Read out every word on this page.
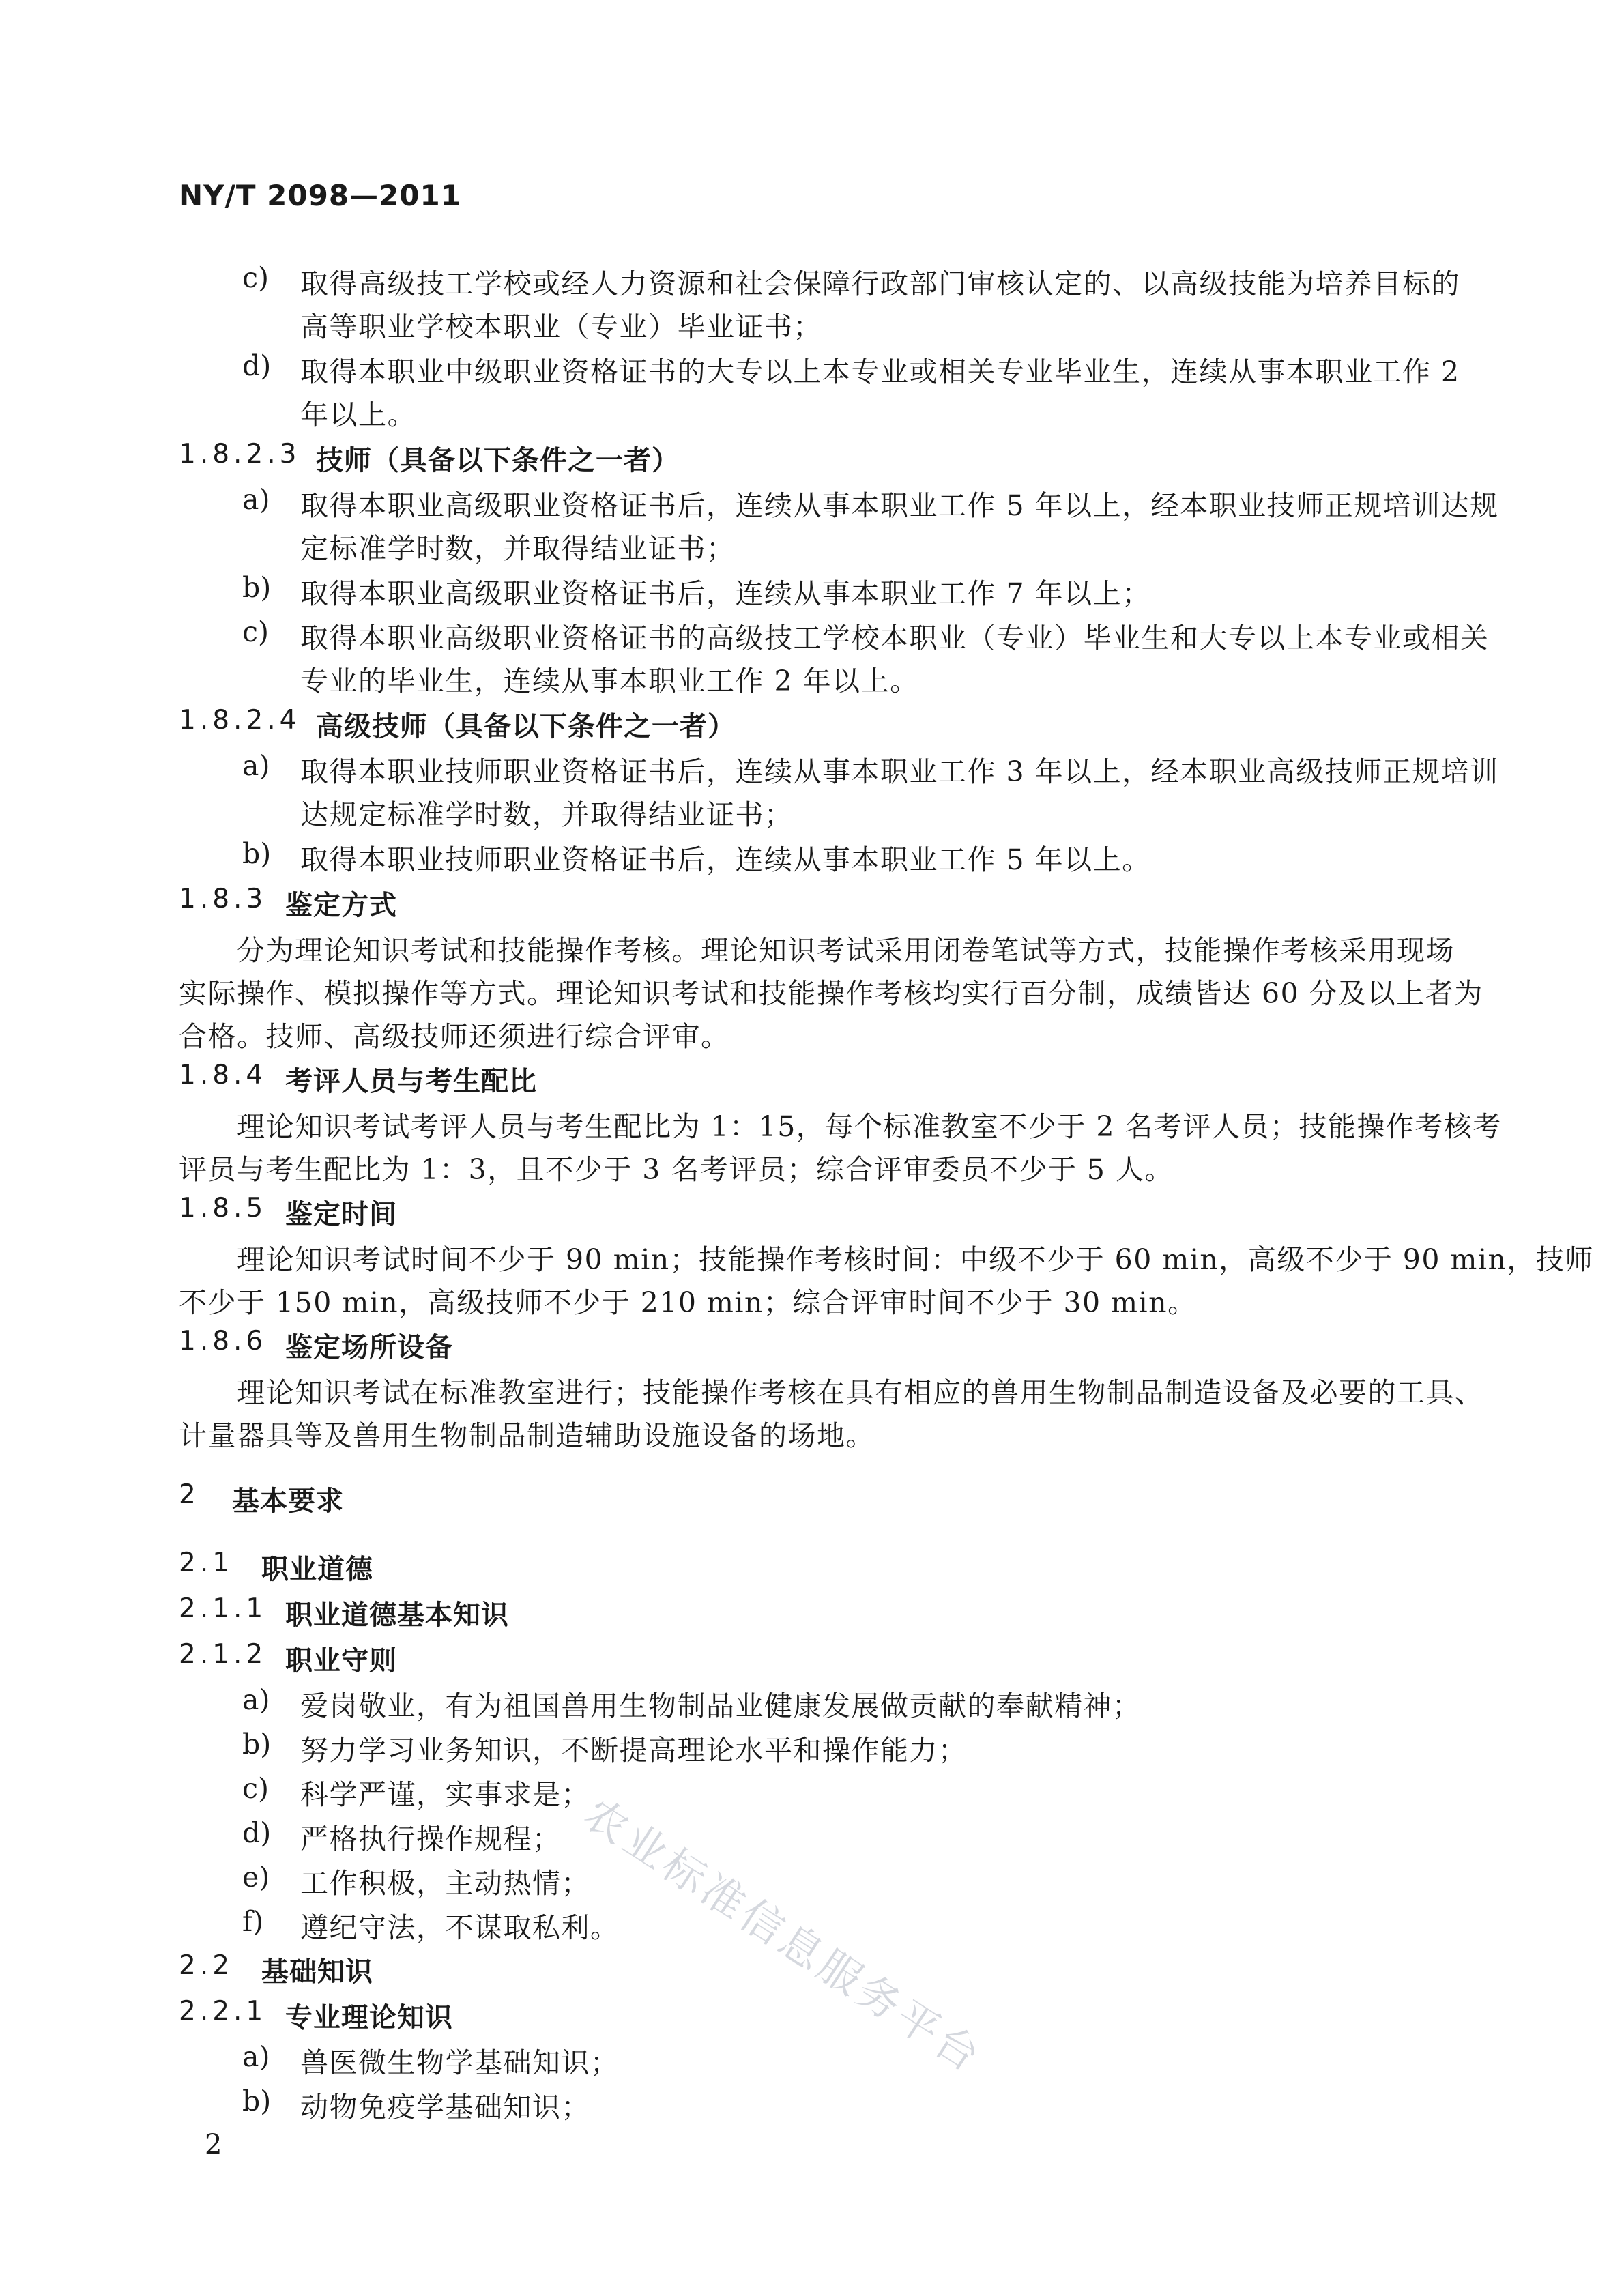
NY/T 2098—2011
c) 取得高级技工学校或经人力资源和社会保障行政部门审核认定的、以高级技能为培养目标的
高等职业学校本职业（专业）毕业证书；
d) 取得本职业中级职业资格证书的大专以上本专业或相关专业毕业生，连续从事本职业工作 2
年以上。
1.8.2.3 技师（具备以下条件之一者）
a) 取得本职业高级职业资格证书后，连续从事本职业工作 5 年以上，经本职业技师正规培训达规
定标准学时数，并取得结业证书；
b) 取得本职业高级职业资格证书后，连续从事本职业工作 7 年以上；
c) 取得本职业高级职业资格证书的高级技工学校本职业（专业）毕业生和大专以上本专业或相关
专业的毕业生，连续从事本职业工作 2 年以上。
1.8.2.4 高级技师（具备以下条件之一者）
a) 取得本职业技师职业资格证书后，连续从事本职业工作 3 年以上，经本职业高级技师正规培训
达规定标准学时数，并取得结业证书；
b) 取得本职业技师职业资格证书后，连续从事本职业工作 5 年以上。
1.8.3 鉴定方式
分为理论知识考试和技能操作考核。理论知识考试采用闭卷笔试等方式，技能操作考核采用现场
实际操作、模拟操作等方式。理论知识考试和技能操作考核均实行百分制，成绩皆达 60 分及以上者为
合格。技师、高级技师还须进行综合评审。
1.8.4 考评人员与考生配比
理论知识考试考评人员与考生配比为 1：15，每个标准教室不少于 2 名考评人员；技能操作考核考
评员与考生配比为 1：3，且不少于 3 名考评员；综合评审委员不少于 5 人。
1.8.5 鉴定时间
理论知识考试时间不少于 90 min；技能操作考核时间：中级不少于 60 min，高级不少于 90 min，技师
不少于 150 min，高级技师不少于 210 min；综合评审时间不少于 30 min。
1.8.6 鉴定场所设备
理论知识考试在标准教室进行；技能操作考核在具有相应的兽用生物制品制造设备及必要的工具、
计量器具等及兽用生物制品制造辅助设施设备的场地。
2 基本要求
2.1 职业道德
2.1.1 职业道德基本知识
2.1.2 职业守则
a) 爱岗敬业，有为祖国兽用生物制品业健康发展做贡献的奉献精神；
b) 努力学习业务知识，不断提高理论水平和操作能力；
c) 科学严谨，实事求是；
d) 严格执行操作规程；
e) 工作积极，主动热情；
f) 遵纪守法，不谋取私利。
2.2 基础知识
2.2.1 专业理论知识
a) 兽医微生物学基础知识；
b) 动物免疫学基础知识；
2
农业标准信息服务平台
